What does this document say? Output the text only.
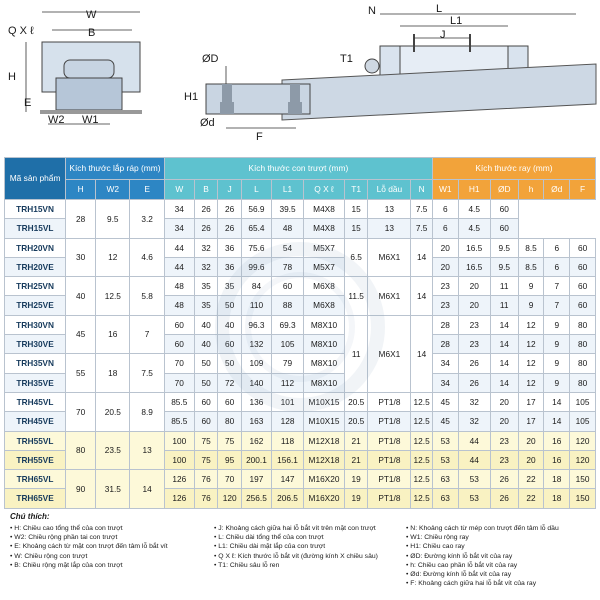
W
B
Q X ℓ
H
E
W2 W1
N	L
L1
J
T1
ØD
H1
Ød
F
Mã sản phẩm	Kích thước lắp ráp (mm)			Kích thước con trượt (mm)									Kích thước ray (mm)					
	H	W2	E	W	B	J	L	L1	Q X ℓ	T1	Lỗ dầu	N	W1	H1	ØD	h	Ød	F
TRH15VN	28	9.5	3.2	34	26	26	56.9	39.5	M4X8	15	13	7.5	6	4.5	60			
TRH15VL				34	26	26	65.4	48	M4X8	15	13	7.5	6	4.5	60			
TRH20VN	30	12	4.6	44	32	36	75.6	54	M5X7	6.5	M6X1	14	20	16.5	9.5	8.5	6	60
TRH20VE				44	32	36	99.6	78	M5X7				20	16.5	9.5	8.5	6	60
TRH25VN	40	12.5	5.8	48	35	35	84	60	M6X8	11.5	M6X1	14	23	20	11	9	7	60
TRH25VE				48	35	50	110	88	M6X8				23	20	11	9	7	60
TRH30VN	45	16	7	60	40	40	96.3	69.3	M8X10	11	M6X1	14	28	23	14	12	9	80
TRH30VE				60	40	60	132	105	M8X10				28	23	14	12	9	80
TRH35VN	55	18	7.5	70	50	50	109	79	M8X10				34	26	14	12	9	80
TRH35VE				70	50	72	140	112	M8X10				34	26	14	12	9	80
TRH45VL	70	20.5	8.9	85.5	60	60	136	101	M10X15	20.5	PT1/8	12.5	45	32	20	17	14	105
TRH45VE				85.5	60	80	163	128	M10X15	20.5	PT1/8	12.5	45	32	20	17	14	105
TRH55VL	80	23.5	13	100	75	75	162	118	M12X18	21	PT1/8	12.5	53	44	23	20	16	120
TRH55VE				100	75	95	200.1	156.1	M12X18	21	PT1/8	12.5	53	44	23	20	16	120
TRH65VL	90	31.5	14	126	76	70	197	147	M16X20	19	PT1/8	12.5	63	53	26	22	18	150
TRH65VE				126	76	120	256.5	206.5	M16X20	19	PT1/8	12.5	63	53	26	22	18	150
Chú thích:
• H: Chiều cao tổng thể của con trượt
• W2: Chiều rộng phần tai con trượt
• E: Khoảng cách từ mặt con trượt đến tâm lỗ bắt vít
• W: Chiều rộng con trượt
• B: Chiều rộng mặt lắp của con trượt
• J: Khoảng cách giữa hai lỗ bắt vít trên mặt con trượt
• L: Chiều dài tổng thể của con trượt
• L1: Chiều dài mặt lắp của con trượt
• Q X ℓ: Kích thước lỗ bắt vít (đường kính X chiều sâu)
• T1: Chiều sâu lỗ ren
• N: Khoảng cách từ mép con trượt đến tâm lỗ dầu
• W1: Chiều rộng ray
• H1: Chiều cao ray
• ØD: Đường kính lỗ bắt vít của ray
• h: Chiều cao phần lỗ bắt vít của ray
• Ød: Đường kính lỗ bắt vít của ray
• F: Khoảng cách giữa hai lỗ bắt vít của ray
